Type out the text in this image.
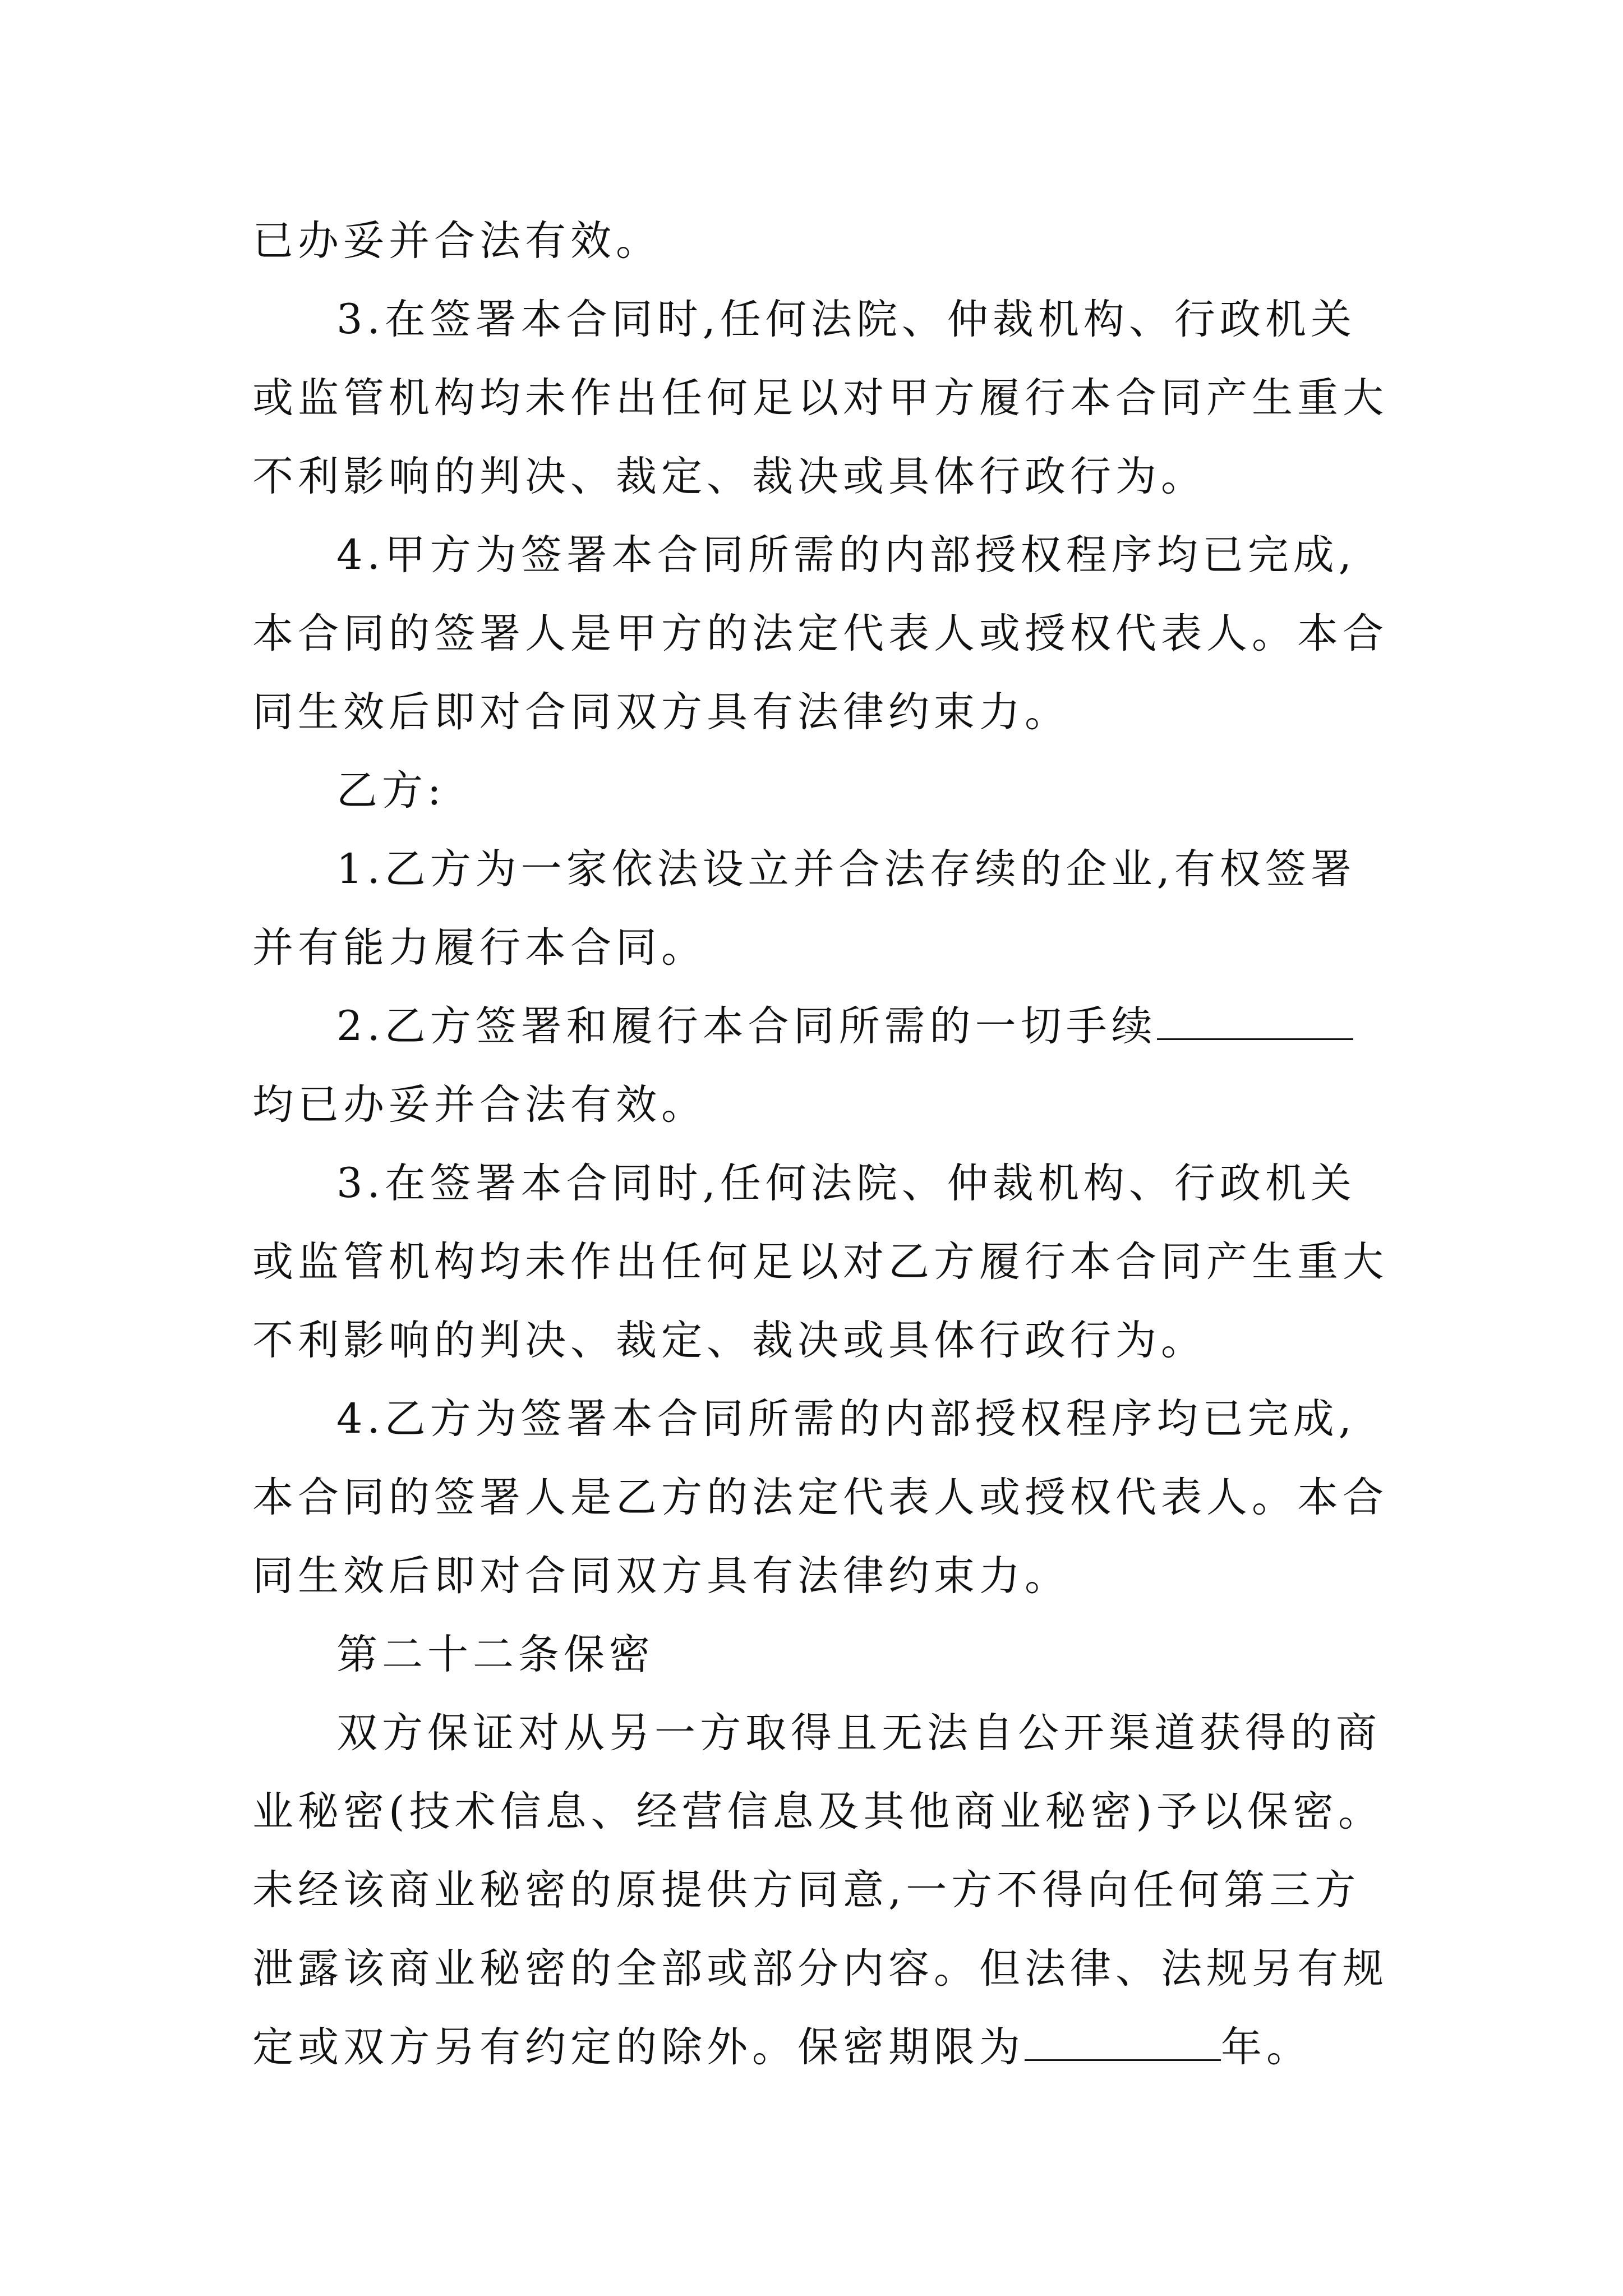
已办妥并合法有效。

3.在签署本合同时,任何法院、仲裁机构、行政机关或监管机构均未作出任何足以对甲方履行本合同产生重大不利影响的判决、裁定、裁决或具体行政行为。

4.甲方为签署本合同所需的内部授权程序均已完成,本合同的签署人是甲方的法定代表人或授权代表人。本合同生效后即对合同双方具有法律约束力。

乙方:

1.乙方为一家依法设立并合法存续的企业,有权签署并有能力履行本合同。

2.乙方签署和履行本合同所需的一切手续均已办妥并合法有效。

3.在签署本合同时,任何法院、仲裁机构、行政机关或监管机构均未作出任何足以对乙方履行本合同产生重大不利影响的判决、裁定、裁决或具体行政行为。

4.乙方为签署本合同所需的内部授权程序均已完成,本合同的签署人是乙方的法定代表人或授权代表人。本合同生效后即对合同双方具有法律约束力。

第二十二条保密

双方保证对从另一方取得且无法自公开渠道获得的商业秘密(技术信息、经营信息及其他商业秘密)予以保密。未经该商业秘密的原提供方同意,一方不得向任何第三方泄露该商业秘密的全部或部分内容。但法律、法规另有规定或双方另有约定的除外。保密期限为	年。
